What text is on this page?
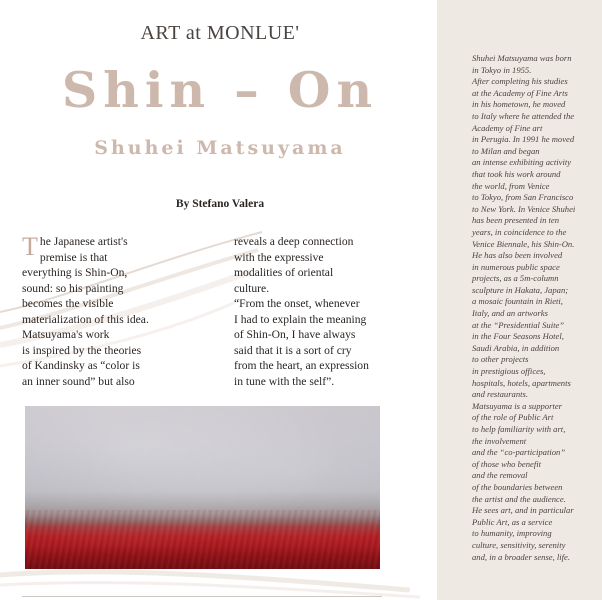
ART at MONLUE'
Shin – On
Shuhei Matsuyama
By Stefano Valera
T he Japanese artist's
premise is that
everything is Shin-On,
sound: so his painting
becomes the visible
materialization of this idea.
Matsuyama's work
is inspired by the theories
of Kandinsky as “color is
an inner sound” but also

reveals a deep connection
with the expressive
modalities of oriental
culture.
“From the onset, whenever
I had to explain the meaning
of Shin-On, I have always
said that it is a sort of cry
from the heart, an expression
in tune with the self”.

Shuhei Matsuyama was born
in Tokyo in 1955.
After completing his studies
at the Academy of Fine Arts
in his hometown, he moved
to Italy where he attended the
Academy of Fine art
in Perugia. In 1991 he moved
to Milan and began
an intense exhibiting activity
that took his work around
the world, from Venice
to Tokyo, from San Francisco
to New York. In Venice Shuhei
has been presented in ten
years, in coincidence to the
Venice Biennale, his Shin-On.
He has also been involved
in numerous public space
projects, as a 5m-column
sculpture in Hakata, Japan;
a mosaic fountain in Rieti,
Italy, and an artworks
at the “Presidential Suite”
in the Four Seasons Hotel,
Saudi Arabia, in addition
to other projects
in prestigious offices,
hospitals, hotels, apartments
and restaurants.
Matsuyama is a supporter
of the role of Public Art
to help familiarity with art,
the involvement
and the “co-participation”
of those who benefit
and the removal
of the boundaries between
the artist and the audience.
He sees art, and in particular
Public Art, as a service
to humanity, improving
culture, sensitivity, serenity
and, in a broader sense, life.
